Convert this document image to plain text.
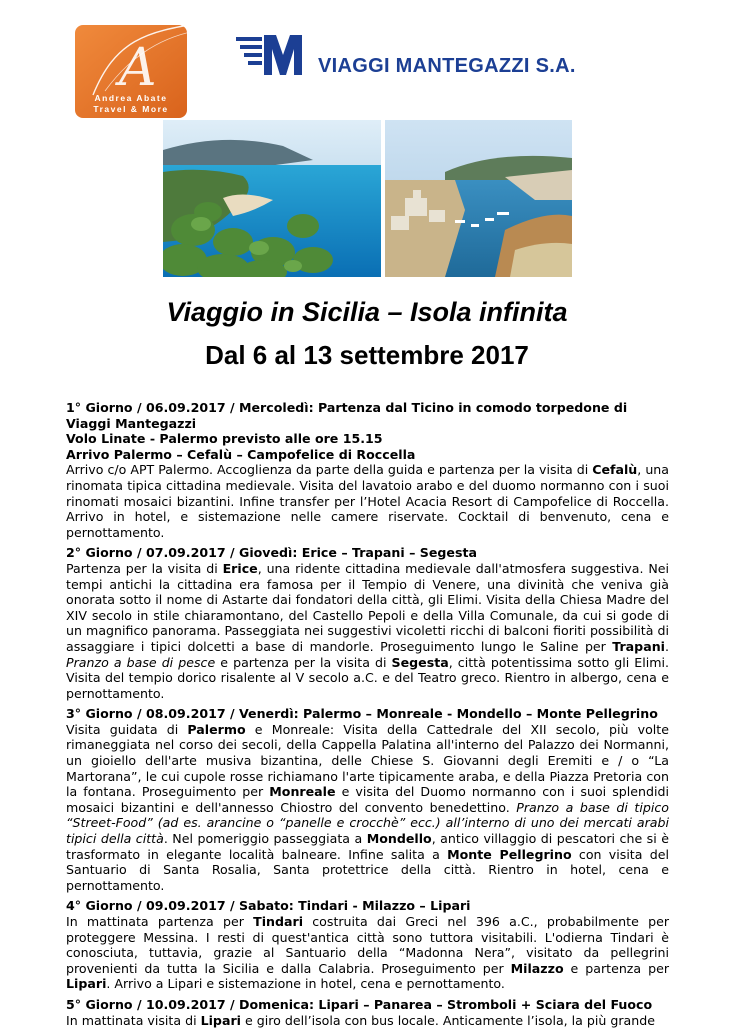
A
Andrea Abate
Travel & More
VIAGGI MANTEGAZZI S.A.
Viaggio in Sicilia – Isola infinita
Dal 6 al 13 settembre 2017

1° Giorno / 06.09.2017 / Mercoledì: Partenza dal Ticino in comodo torpedone di Viaggi Mantegazzi

Volo Linate - Palermo previsto alle ore 15.15

Arrivo Palermo – Cefalù – Campofelice di Roccella

Arrivo c/o APT Palermo. Accoglienza da parte della guida e partenza per la visita di Cefalù, una rinomata tipica cittadina medievale. Visita del lavatoio arabo e del duomo normanno con i suoi rinomati mosaici bizantini. Infine transfer per l’Hotel Acacia Resort di Campofelice di Roccella. Arrivo in hotel, e sistemazione nelle camere riservate. Cocktail di benvenuto, cena e pernottamento.

2° Giorno / 07.09.2017 / Giovedì: Erice – Trapani – Segesta

Partenza per la visita di Erice, una ridente cittadina medievale dall'atmosfera suggestiva. Nei tempi antichi la cittadina era famosa per il Tempio di Venere, una divinità che veniva già onorata sotto il nome di Astarte dai fondatori della città, gli Elimi. Visita della Chiesa Madre del XIV secolo in stile chiaramontano, del Castello Pepoli e della Villa Comunale, da cui si gode di un magnifico panorama. Passeggiata nei suggestivi vicoletti ricchi di balconi fioriti possibilità di assaggiare i tipici dolcetti a base di mandorle. Proseguimento lungo le Saline per Trapani. Pranzo a base di pesce e partenza per la visita di Segesta, città potentissima sotto gli Elimi. Visita del tempio dorico risalente al V secolo a.C. e del Teatro greco. Rientro in albergo, cena e pernottamento.

3° Giorno / 08.09.2017 / Venerdì: Palermo – Monreale - Mondello – Monte Pellegrino

Visita guidata di Palermo e Monreale: Visita della Cattedrale del XII secolo, più volte rimaneggiata nel corso dei secoli, della Cappella Palatina all'interno del Palazzo dei Normanni, un gioiello dell'arte musiva bizantina, delle Chiese S. Giovanni degli Eremiti e / o “La Martorana”, le cui cupole rosse richiamano l'arte tipicamente araba, e della Piazza Pretoria con la fontana. Proseguimento per Monreale e visita del Duomo normanno con i suoi splendidi mosaici bizantini e dell'annesso Chiostro del convento benedettino. Pranzo a base di tipico “Street-Food” (ad es. arancine o “panelle e crocchè” ecc.) all’interno di uno dei mercati arabi tipici della città. Nel pomeriggio passeggiata a Mondello, antico villaggio di pescatori che si è trasformato in elegante località balneare. Infine salita a Monte Pellegrino con visita del Santuario di Santa Rosalia, Santa protettrice della città. Rientro in hotel, cena e pernottamento.

4° Giorno / 09.09.2017 / Sabato: Tindari - Milazzo – Lipari

In mattinata partenza per Tindari costruita dai Greci nel 396 a.C., probabilmente per proteggere Messina. I resti di quest'antica città sono tuttora visitabili. L'odierna Tindari è conosciuta, tuttavia, grazie al Santuario della “Madonna Nera”, visitato da pellegrini provenienti da tutta la Sicilia e dalla Calabria. Proseguimento per Milazzo e partenza per Lipari. Arrivo a Lipari e sistemazione in hotel, cena e pernottamento.

5° Giorno / 10.09.2017 / Domenica: Lipari – Panarea – Stromboli + Sciara del Fuoco

In mattinata visita di Lipari e giro dell’isola con bus locale. Anticamente l’isola, la più grande
